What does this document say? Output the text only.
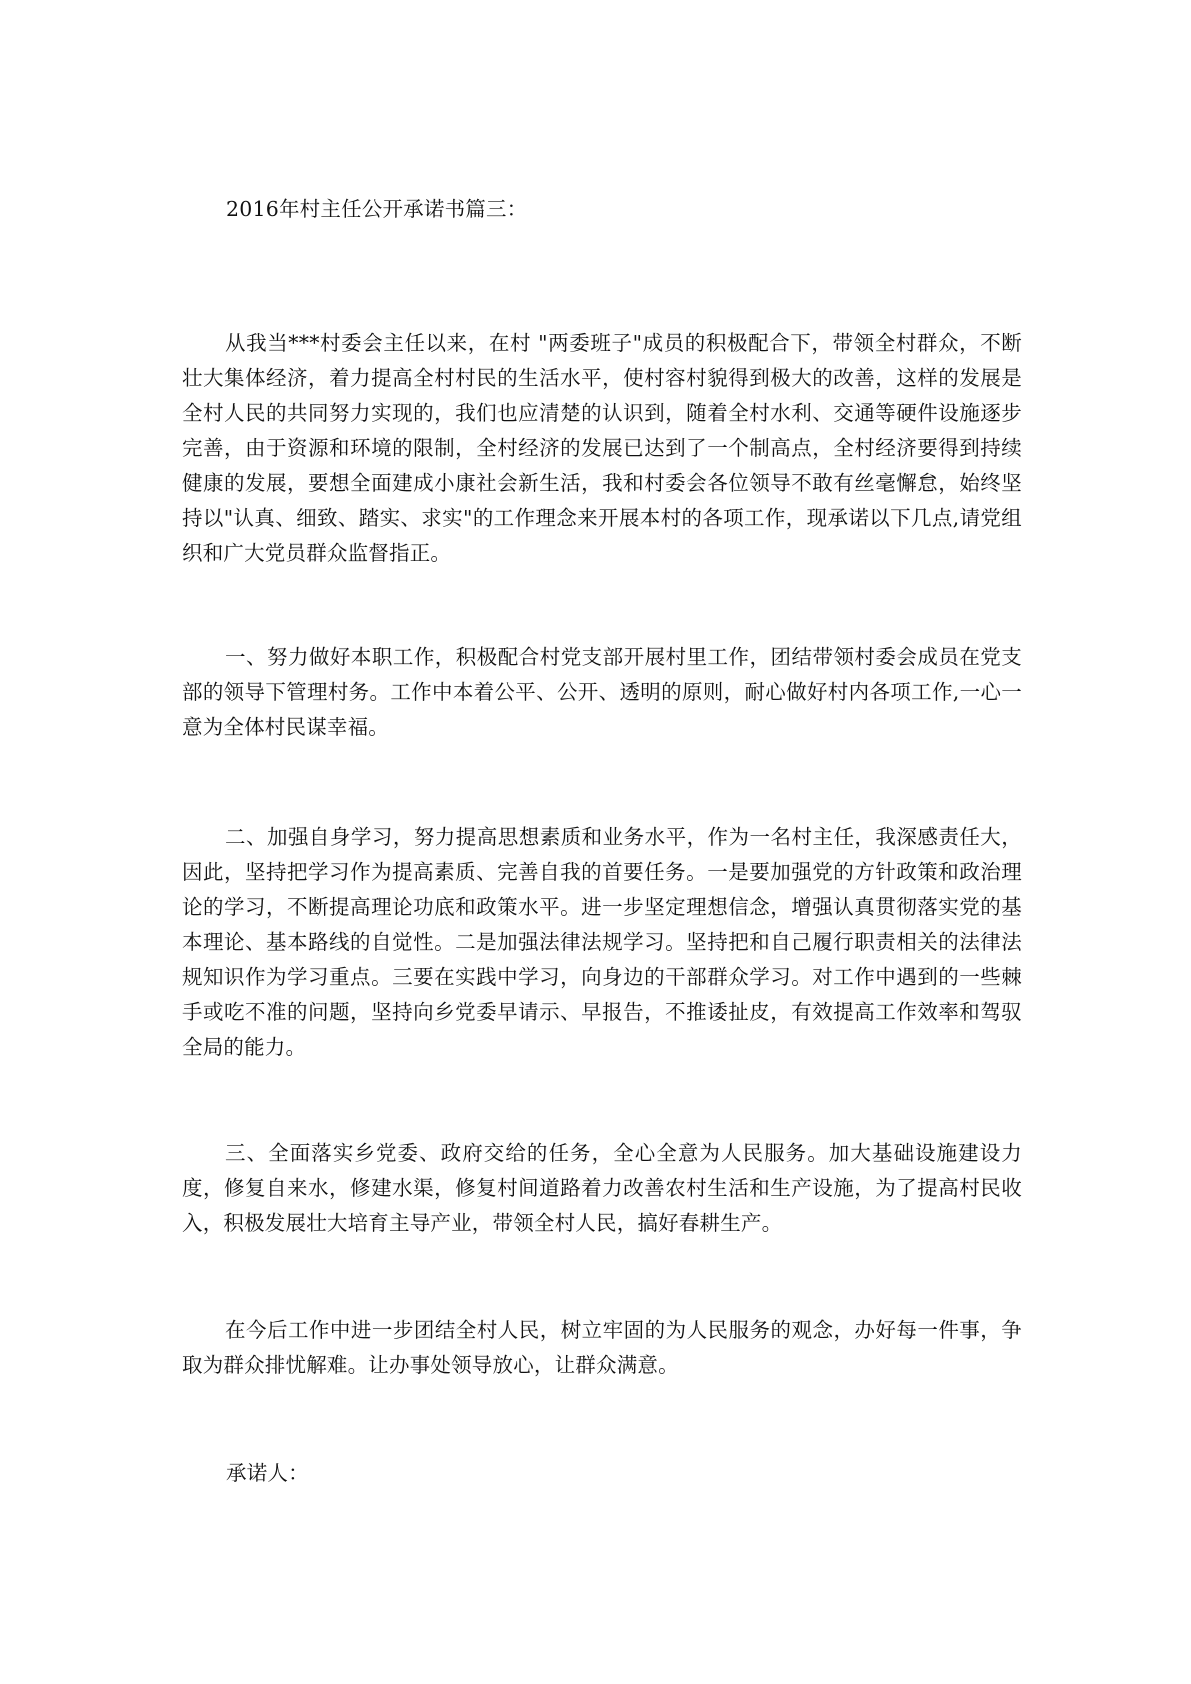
2016年村主任公开承诺书篇三：

从我当***村委会主任以来，在村 "两委班子"成员的积极配合下，带领全村群众，不断壮大集体经济，着力提高全村村民的生活水平，使村容村貌得到极大的改善，这样的发展是全村人民的共同努力实现的，我们也应清楚的认识到，随着全村水利、交通等硬件设施逐步完善，由于资源和环境的限制，全村经济的发展已达到了一个制高点，全村经济要得到持续健康的发展，要想全面建成小康社会新生活，我和村委会各位领导不敢有丝毫懈怠，始终坚持以"认真、细致、踏实、求实"的工作理念来开展本村的各项工作，现承诺以下几点,请党组织和广大党员群众监督指正。

一、努力做好本职工作，积极配合村党支部开展村里工作，团结带领村委会成员在党支部的领导下管理村务。工作中本着公平、公开、透明的原则，耐心做好村内各项工作,一心一意为全体村民谋幸福。

二、加强自身学习，努力提高思想素质和业务水平，作为一名村主任，我深感责任大，因此，坚持把学习作为提高素质、完善自我的首要任务。一是要加强党的方针政策和政治理论的学习，不断提高理论功底和政策水平。进一步坚定理想信念，增强认真贯彻落实党的基本理论、基本路线的自觉性。二是加强法律法规学习。坚持把和自己履行职责相关的法律法规知识作为学习重点。三要在实践中学习，向身边的干部群众学习。对工作中遇到的一些棘手或吃不准的问题，坚持向乡党委早请示、早报告，不推诿扯皮，有效提高工作效率和驾驭全局的能力。

三、全面落实乡党委、政府交给的任务，全心全意为人民服务。加大基础设施建设力度，修复自来水，修建水渠，修复村间道路着力改善农村生活和生产设施，为了提高村民收入，积极发展壮大培育主导产业，带领全村人民，搞好春耕生产。

在今后工作中进一步团结全村人民，树立牢固的为人民服务的观念，办好每一件事，争取为群众排忧解难。让办事处领导放心，让群众满意。

承诺人：
